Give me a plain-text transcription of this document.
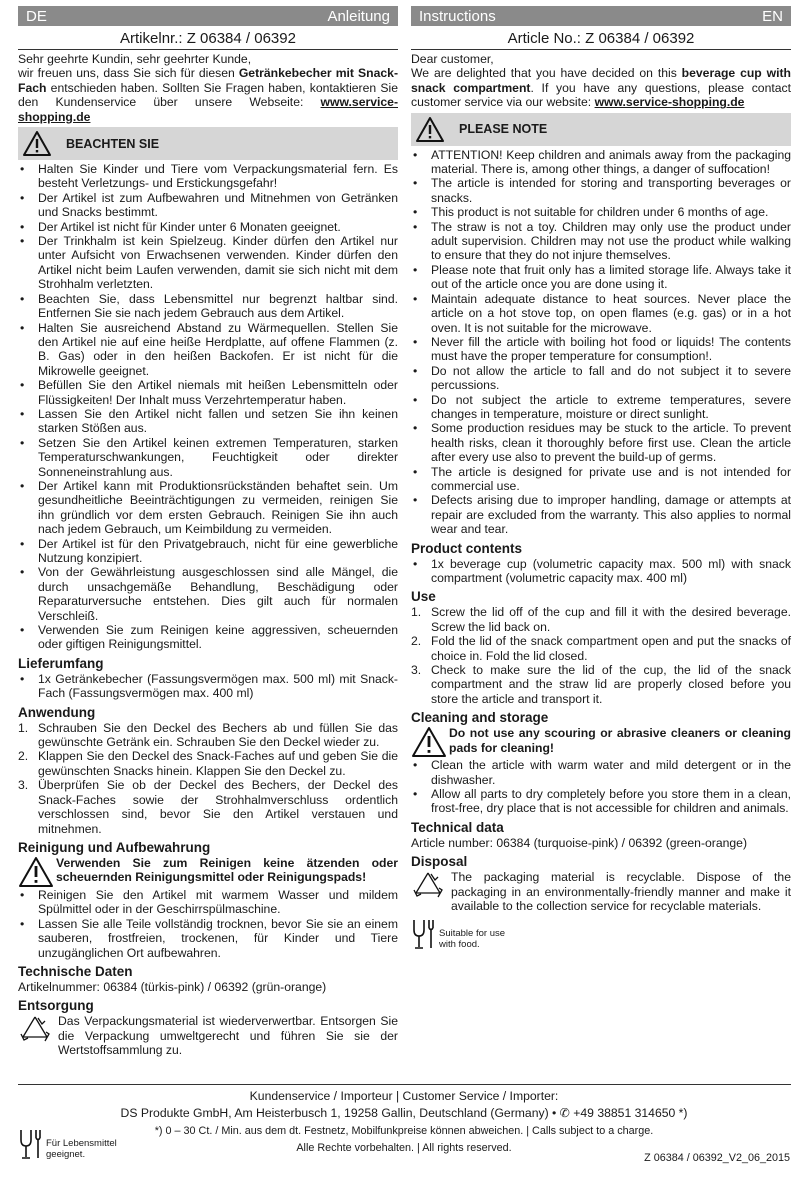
DE	Anleitung
Artikelnr.: Z 06384 / 06392

Sehr geehrte Kundin, sehr geehrter Kunde,

wir freuen uns, dass Sie sich für diesen Getränkebecher mit Snack-Fach entschieden haben. Sollten Sie Fragen haben, kontaktieren Sie den Kundenservice über unsere Webseite: www.service-shopping.de

BEACHTEN SIE
• Halten Sie Kinder und Tiere vom Verpackungsmaterial fern. Es besteht Verletzungs- und Erstickungsgefahr!
• Der Artikel ist zum Aufbewahren und Mitnehmen von Getränken und Snacks bestimmt.
• Der Artikel ist nicht für Kinder unter 6 Monaten geeignet.
• Der Trinkhalm ist kein Spielzeug. Kinder dürfen den Artikel nur unter Aufsicht von Erwachsenen verwenden. Kinder dürfen den Artikel nicht beim Laufen verwenden, damit sie sich nicht mit dem Strohhalm verletzten.
• Beachten Sie, dass Lebensmittel nur begrenzt haltbar sind. Entfernen Sie sie nach jedem Gebrauch aus dem Artikel.
• Halten Sie ausreichend Abstand zu Wärmequellen. Stellen Sie den Artikel nie auf eine heiße Herdplatte, auf offene Flammen (z. B. Gas) oder in den heißen Backofen. Er ist nicht für die Mikrowelle geeignet.
• Befüllen Sie den Artikel niemals mit heißen Lebensmitteln oder Flüssigkeiten! Der Inhalt muss Verzehrtemperatur haben.
• Lassen Sie den Artikel nicht fallen und setzen Sie ihn keinen starken Stößen aus.
• Setzen Sie den Artikel keinen extremen Temperaturen, starken Temperaturschwankungen, Feuchtigkeit oder direkter Sonneneinstrahlung aus.
• Der Artikel kann mit Produktionsrückständen behaftet sein. Um gesundheitliche Beeinträchtigungen zu vermeiden, reinigen Sie ihn gründlich vor dem ersten Gebrauch. Reinigen Sie ihn auch nach jedem Gebrauch, um Keimbildung zu vermeiden.
• Der Artikel ist für den Privatgebrauch, nicht für eine gewerbliche Nutzung konzipiert.
• Von der Gewährleistung ausgeschlossen sind alle Mängel, die durch unsachgemäße Behandlung, Beschädigung oder Reparaturversuche entstehen. Dies gilt auch für normalen Verschleiß.
• Verwenden Sie zum Reinigen keine aggressiven, scheuernden oder giftigen Reinigungsmittel.
Lieferumfang
• 1x Getränkebecher (Fassungsvermögen max. 500 ml) mit Snack-Fach (Fassungsvermögen max. 400 ml)
Anwendung
1. Schrauben Sie den Deckel des Bechers ab und füllen Sie das gewünschte Getränk ein. Schrauben Sie den Deckel wieder zu.
2. Klappen Sie den Deckel des Snack-Faches auf und geben Sie die gewünschten Snacks hinein. Klappen Sie den Deckel zu.
3. Überprüfen Sie ob der Deckel des Bechers, der Deckel des Snack-Faches sowie der Strohhalmverschluss ordentlich verschlossen sind, bevor Sie den Artikel verstauen und mitnehmen.
Reinigung und Aufbewahrung
Verwenden Sie zum Reinigen keine ätzenden oder scheuernden Reinigungsmittel oder Reinigungspads!
• Reinigen Sie den Artikel mit warmem Wasser und mildem Spülmittel oder in der Geschirrspülmaschine.
• Lassen Sie alle Teile vollständig trocknen, bevor Sie sie an einem sauberen, frostfreien, trockenen, für Kinder und Tiere unzugänglichen Ort aufbewahren.
Technische Daten

Artikelnummer: 06384 (türkis-pink) / 06392 (grün-orange)

Entsorgung

Das Verpackungsmaterial ist wiederverwertbar. Entsorgen Sie die Verpackung umweltgerecht und führen Sie sie der Wertstoffsammlung zu.

Instructions	EN
Article No.: Z 06384 / 06392

Dear customer,

We are delighted that you have decided on this beverage cup with snack compartment. If you have any questions, please contact customer service via our website: www.service-shopping.de

PLEASE NOTE
• ATTENTION! Keep children and animals away from the packaging material. There is, among other things, a danger of suffocation!
• The article is intended for storing and transporting beverages or snacks.
• This product is not suitable for children under 6 months of age.
• The straw is not a toy. Children may only use the product under adult supervision. Children may not use the product while walking to ensure that they do not injure themselves.
• Please note that fruit only has a limited storage life. Always take it out of the article once you are done using it.
• Maintain adequate distance to heat sources. Never place the article on a hot stove top, on open flames (e.g. gas) or in a hot oven. It is not suitable for the microwave.
• Never fill the article with boiling hot food or liquids! The contents must have the proper temperature for consumption!.
• Do not allow the article to fall and do not subject it to severe percussions.
• Do not subject the article to extreme temperatures, severe changes in temperature, moisture or direct sunlight.
• Some production residues may be stuck to the article. To prevent health risks, clean it thoroughly before first use. Clean the article after every use also to prevent the build-up of germs.
• The article is designed for private use and is not intended for commercial use.
• Defects arising due to improper handling, damage or attempts at repair are excluded from the warranty. This also applies to normal wear and tear.
Product contents
• 1x beverage cup (volumetric capacity max. 500 ml) with snack compartment (volumetric capacity max. 400 ml)
Use
1. Screw the lid off of the cup and fill it with the desired beverage. Screw the lid back on.
2. Fold the lid of the snack compartment open and put the snacks of choice in. Fold the lid closed.
3. Check to make sure the lid of the cup, the lid of the snack compartment and the straw lid are properly closed before you store the article and transport it.
Cleaning and storage
Do not use any scouring or abrasive cleaners or cleaning pads for cleaning!
• Clean the article with warm water and mild detergent or in the dishwasher.
• Allow all parts to dry completely before you store them in a clean, frost-free, dry place that is not accessible for children and animals.
Technical data

Article number: 06384 (turquoise-pink) / 06392 (green-orange)

Disposal

The packaging material is recyclable. Dispose of the packaging in an environmentally-friendly manner and make it available to the collection service for recyclable materials.

Suitable for use
with food.
Kundenservice / Importeur | Customer Service / Importer:
DS Produkte GmbH, Am Heisterbusch 1, 19258 Gallin, Deutschland (Germany) • ✆ +49 38851 314650 *)
*) 0 – 30 Ct. / Min. aus dem dt. Festnetz, Mobilfunkpreise können abweichen. | Calls subject to a charge.
Alle Rechte vorbehalten. | All rights reserved.
Z 06384 / 06392_V2_06_2015
Für Lebensmittel
geeignet.
